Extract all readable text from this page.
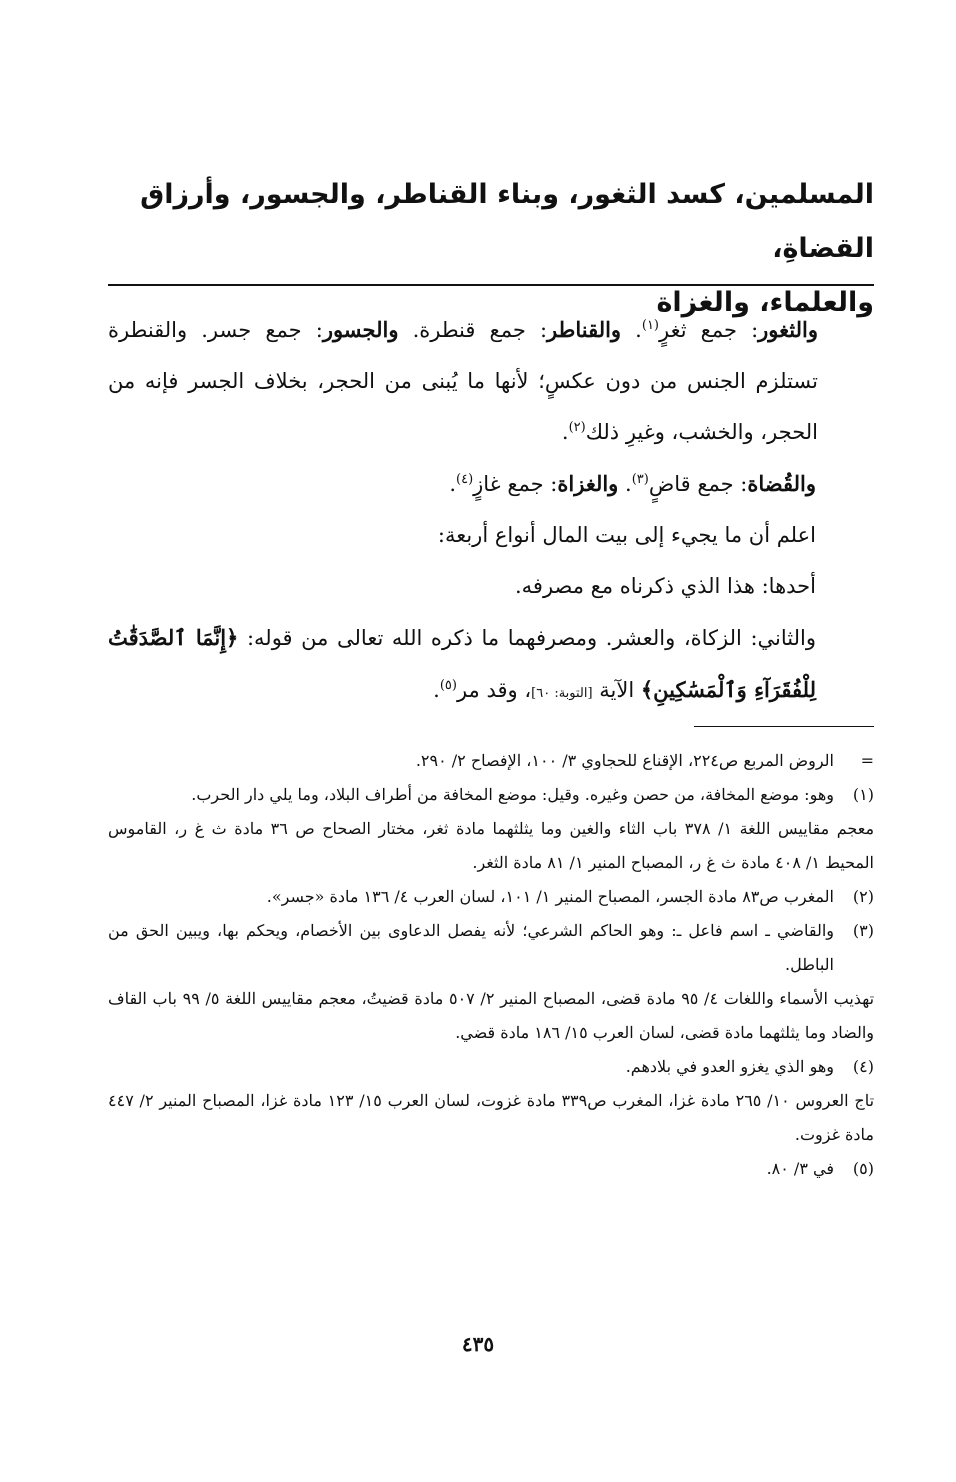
المسلمين، كسد الثغور، وبناء القناطر، والجسور، وأرزاق القضاةِ،
والعلماء، والغزاة

والثغور: جمع ثغرٍ$^{(١)}$. والقناطر: جمع قنطرة. والجسور: جمع جسر. والقنطرة تستلزم الجنس من دون عكسٍ؛ لأنها ما يُبنى من الحجر، بخلاف الجسر فإنه من الحجر، والخشب، وغيرِ ذلك$^{(٢)}$.

والقُضاة: جمع قاضٍ$^{(٣)}$. والغزاة: جمع غازٍ$^{(٤)}$.

اعلم أن ما يجيء إلى بيت المال أنواع أربعة:

أحدها: هذا الذي ذكرناه مع مصرفه.

والثاني: الزكاة، والعشر. ومصرفهما ما ذكره الله تعالى من قوله: ﴿إِنَّمَا ٱلصَّدَقَٰتُ لِلْفُقَرَآءِ وَٱلْمَسَٰكِينِ﴾ الآية [التوبة: ٦٠]، وقد مر$^{(٥)}$.

=
الروض المربع ص٢٢٤، الإقناع للحجاوي ٣/ ١٠٠، الإفصاح ٢/ ٢٩٠.
(١)
وهو: موضع المخافة، من حصن وغيره. وقيل: موضع المخافة من أطراف البلاد، وما يلي دار الحرب.
معجم مقاييس اللغة ١/ ٣٧٨ باب الثاء والغين وما يثلثهما مادة ثغر، مختار الصحاح ص ٣٦ مادة ث غ ر، القاموس المحيط ١/ ٤٠٨ مادة ث غ ر، المصباح المنير ١/ ٨١ مادة الثغر.
(٢)
المغرب ص٨٣ مادة الجسر، المصباح المنير ١/ ١٠١، لسان العرب ٤/ ١٣٦ مادة «جسر».
(٣)
والقاضي ـ اسم فاعل ـ: وهو الحاكم الشرعي؛ لأنه يفصل الدعاوى بين الأخصام، ويحكم بها، ويبين الحق من الباطل.
تهذيب الأسماء واللغات ٤/ ٩٥ مادة قضى، المصباح المنير ٢/ ٥٠٧ مادة قضيتُ، معجم مقاييس اللغة ٥/ ٩٩ باب القاف والضاد وما يثلثهما مادة قضى، لسان العرب ١٥/ ١٨٦ مادة قضي.
(٤)
وهو الذي يغزو العدو في بلادهم.
تاج العروس ١٠/ ٢٦٥ مادة غزا، المغرب ص٣٣٩ مادة غزوت، لسان العرب ١٥/ ١٢٣ مادة غزا، المصباح المنير ٢/ ٤٤٧ مادة غزوت.
(٥)
في ٣/ ٨٠.
٤٣٥
